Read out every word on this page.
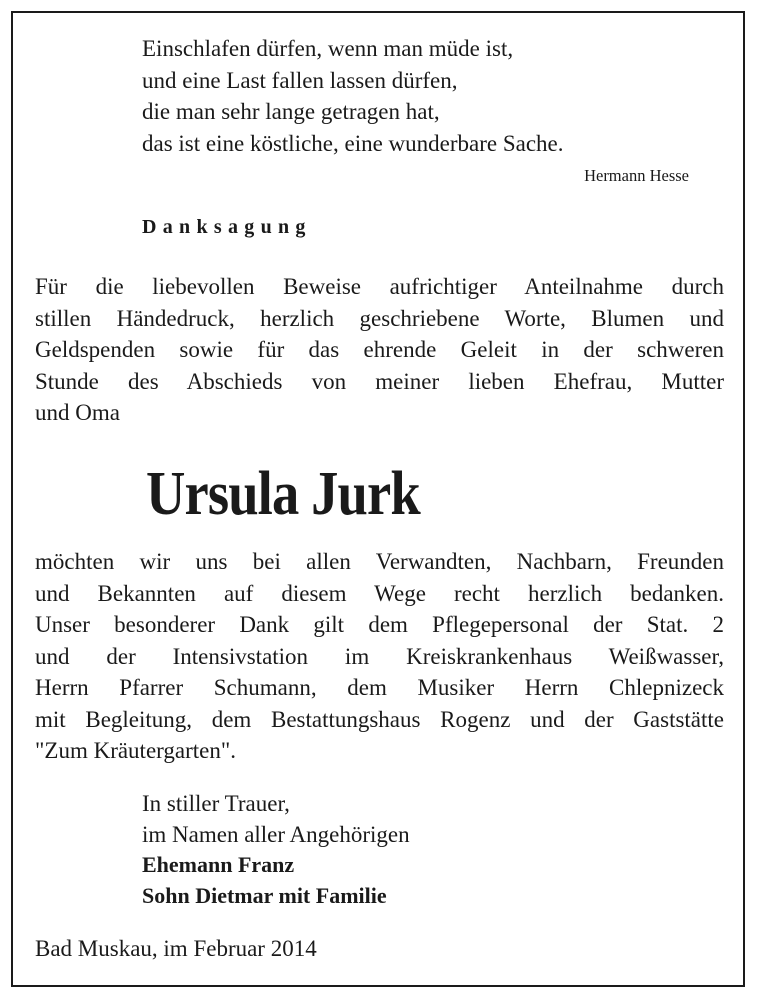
Einschlafen dürfen, wenn man müde ist,
und eine Last fallen lassen dürfen,
die man sehr lange getragen hat,
das ist eine köstliche, eine wunderbare Sache.
Hermann Hesse
Danksagung
Für die liebevollen Beweise aufrichtiger Anteilnahme durch
stillen Händedruck, herzlich geschriebene Worte, Blumen und
Geldspenden sowie für das ehrende Geleit in der schweren
Stunde des Abschieds von meiner lieben Ehefrau, Mutter
und Oma
Ursula Jurk
möchten wir uns bei allen Verwandten, Nachbarn, Freunden
und Bekannten auf diesem Wege recht herzlich bedanken.
Unser besonderer Dank gilt dem Pflegepersonal der Stat. 2
und der Intensivstation im Kreiskrankenhaus Weißwasser,
Herrn Pfarrer Schumann, dem Musiker Herrn Chlepnizeck
mit Begleitung, dem Bestattungshaus Rogenz und der Gaststätte
"Zum Kräutergarten".
In stiller Trauer,
im Namen aller Angehörigen
Ehemann Franz
Sohn Dietmar mit Familie
Bad Muskau, im Februar 2014
